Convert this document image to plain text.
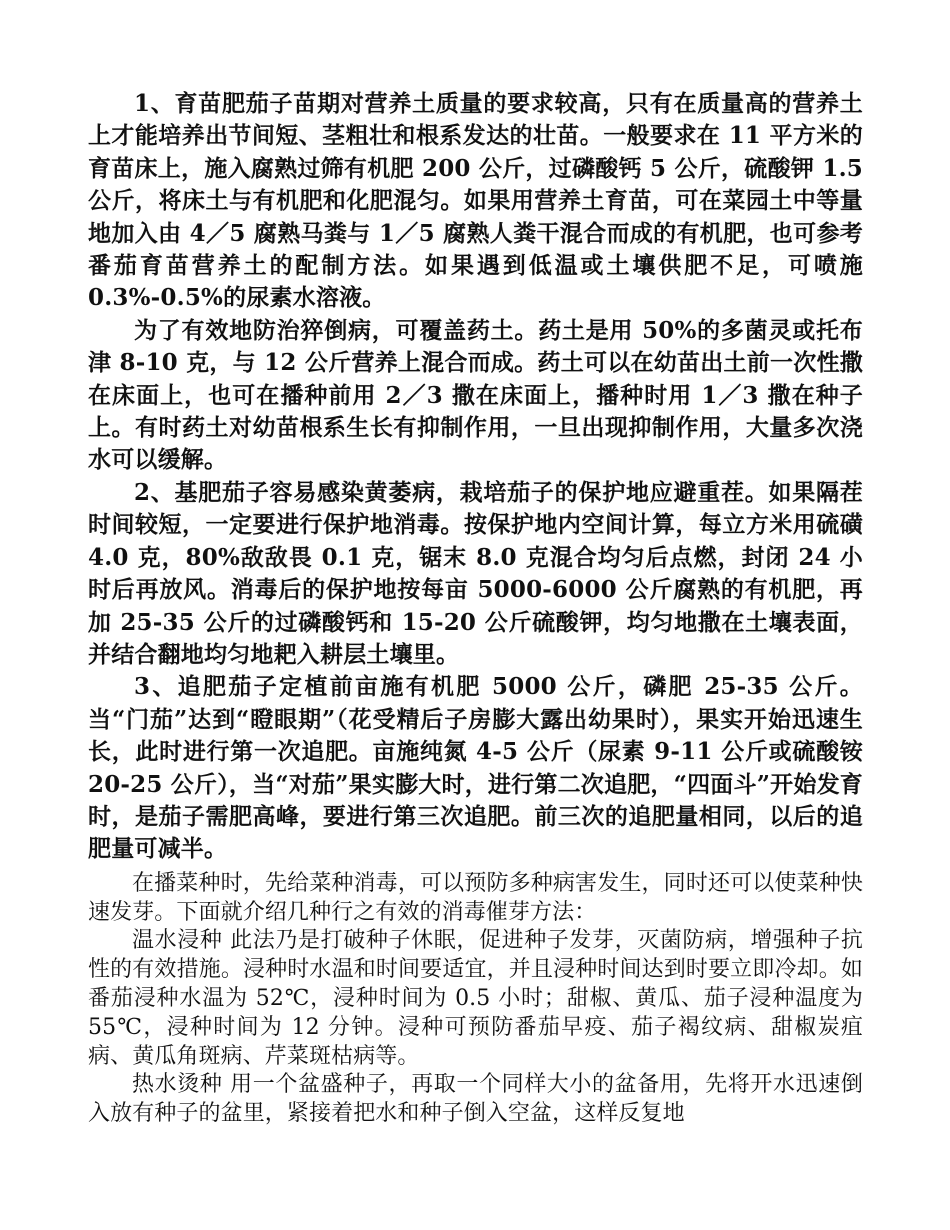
1、育苗肥茄子苗期对营养土质量的要求较高，只有在质量高的营养土上才能培养出节间短、茎粗壮和根系发达的壮苗。一般要求在 11 平方米的育苗床上，施入腐熟过筛有机肥 200 公斤，过磷酸钙 5 公斤，硫酸钾 1.5 公斤，将床土与有机肥和化肥混匀。如果用营养土育苗，可在菜园土中等量地加入由 4／5 腐熟马粪与 1／5 腐熟人粪干混合而成的有机肥，也可参考番茄育苗营养土的配制方法。如果遇到低温或土壤供肥不足，可喷施 0.3%-0.5%的尿素水溶液。

为了有效地防治猝倒病，可覆盖药土。药土是用 50%的多菌灵或托布津 8-10 克，与 12 公斤营养上混合而成。药土可以在幼苗出土前一次性撒在床面上，也可在播种前用 2／3 撒在床面上，播种时用 1／3 撒在种子上。有时药土对幼苗根系生长有抑制作用，一旦出现抑制作用，大量多次浇水可以缓解。

2、基肥茄子容易感染黄萎病，栽培茄子的保护地应避重茬。如果隔茬时间较短，一定要进行保护地消毒。按保护地内空间计算，每立方米用硫磺 4.0 克，80%敌敌畏 0.1 克，锯末 8.0 克混合均匀后点燃，封闭 24 小时后再放风。消毒后的保护地按每亩 5000-6000 公斤腐熟的有机肥，再加 25-35 公斤的过磷酸钙和 15-20 公斤硫酸钾，均匀地撒在土壤表面，并结合翻地均匀地耙入耕层土壤里。

3、追肥茄子定植前亩施有机肥 5000 公斤，磷肥 25-35 公斤。当“门茄”达到“瞪眼期”（花受精后子房膨大露出幼果时），果实开始迅速生长，此时进行第一次追肥。亩施纯氮 4-5 公斤（尿素 9-11 公斤或硫酸铵 20-25 公斤），当“对茄”果实膨大时，进行第二次追肥，“四面斗”开始发育时，是茄子需肥高峰，要进行第三次追肥。前三次的追肥量相同，以后的追肥量可减半。

在播菜种时，先给菜种消毒，可以预防多种病害发生，同时还可以使菜种快速发芽。下面就介绍几种行之有效的消毒催芽方法：

温水浸种 此法乃是打破种子休眠，促进种子发芽，灭菌防病，增强种子抗性的有效措施。浸种时水温和时间要适宜，并且浸种时间达到时要立即冷却。如番茄浸种水温为 52℃，浸种时间为 0.5 小时；甜椒、黄瓜、茄子浸种温度为 55℃，浸种时间为 12 分钟。浸种可预防番茄早疫、茄子褐纹病、甜椒炭疽病、黄瓜角斑病、芹菜斑枯病等。

热水烫种 用一个盆盛种子，再取一个同样大小的盆备用，先将开水迅速倒入放有种子的盆里，紧接着把水和种子倒入空盆，这样反复地
